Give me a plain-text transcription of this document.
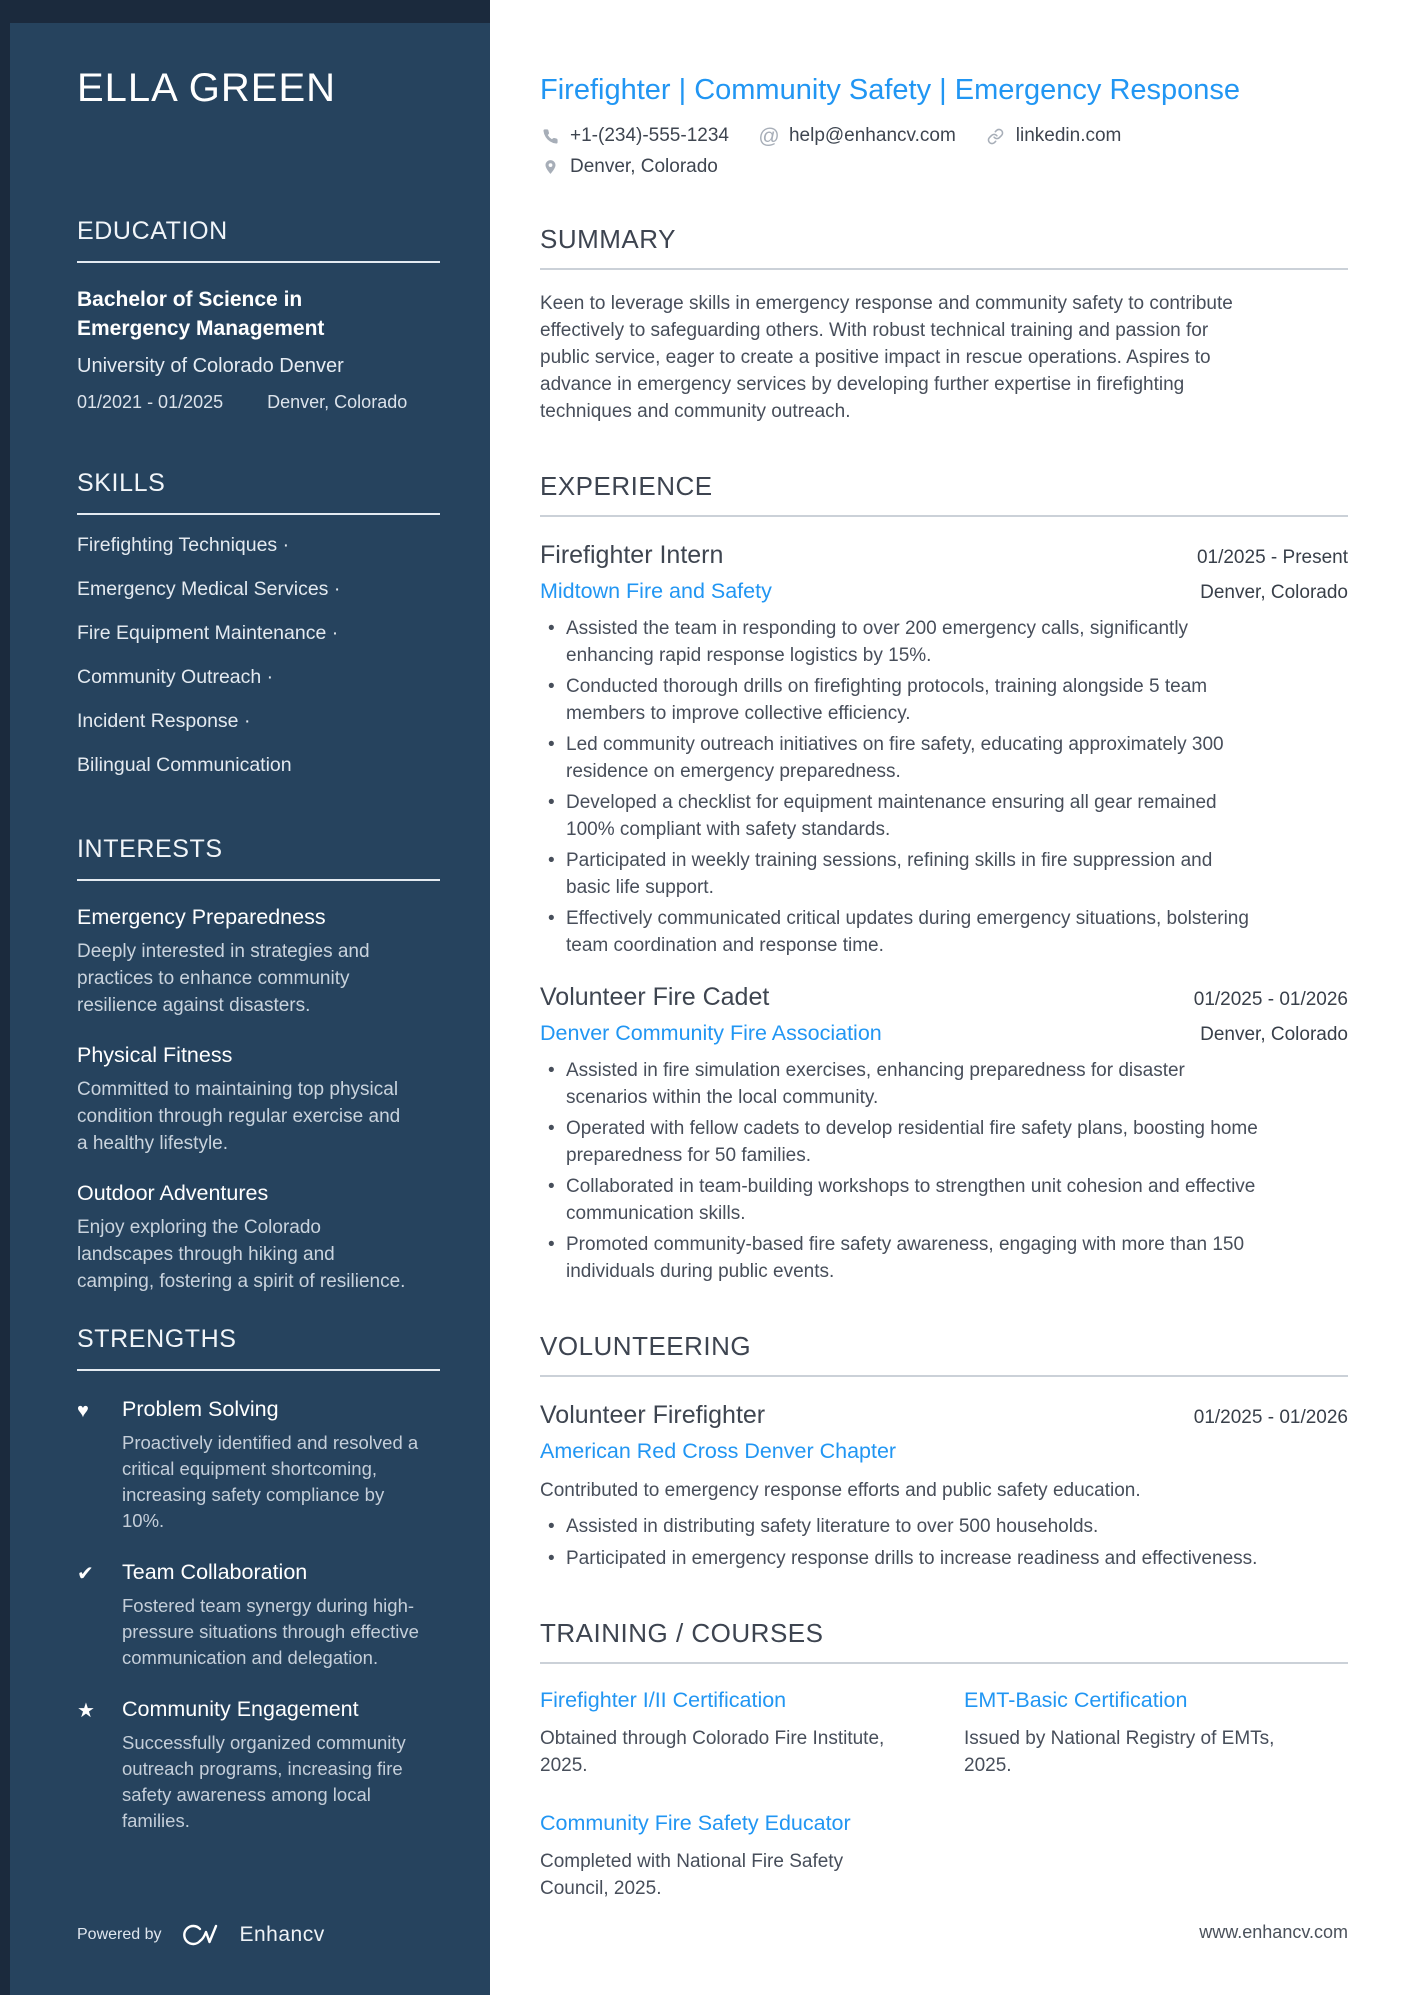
ELLA GREEN
EDUCATION
Bachelor of Science in Emergency Management
University of Colorado Denver
01/2021 - 01/2025 Denver, Colorado
SKILLS
Firefighting Techniques ·
Emergency Medical Services ·
Fire Equipment Maintenance ·
Community Outreach ·
Incident Response ·
Bilingual Communication
INTERESTS
Emergency Preparedness

Deeply interested in strategies and practices to enhance community resilience against disasters.

Physical Fitness

Committed to maintaining top physical condition through regular exercise and a healthy lifestyle.

Outdoor Adventures

Enjoy exploring the Colorado landscapes through hiking and camping, fostering a spirit of resilience.

STRENGTHS
♥	Problem Solving

Proactively identified and resolved a critical equipment shortcoming, increasing safety compliance by 10%.

✔	Team Collaboration

Fostered team synergy during high-pressure situations through effective communication and delegation.

★	Community Engagement

Successfully organized community outreach programs, increasing fire safety awareness among local families.

Powered by	Enhancv
Firefighter | Community Safety | Emergency Response
+1-(234)-555-1234 @ help@enhancv.com	linkedin.com
Denver, Colorado
SUMMARY

Keen to leverage skills in emergency response and community safety to contribute effectively to safeguarding others. With robust technical training and passion for public service, eager to create a positive impact in rescue operations. Aspires to advance in emergency services by developing further expertise in firefighting techniques and community outreach.

EXPERIENCE
Firefighter Intern	01/2025 - Present
Midtown Fire and Safety	Denver, Colorado
• Assisted the team in responding to over 200 emergency calls, significantly enhancing rapid response logistics by 15%.
• Conducted thorough drills on firefighting protocols, training alongside 5 team members to improve collective efficiency.
• Led community outreach initiatives on fire safety, educating approximately 300 residence on emergency preparedness.
• Developed a checklist for equipment maintenance ensuring all gear remained 100% compliant with safety standards.
• Participated in weekly training sessions, refining skills in fire suppression and basic life support.
• Effectively communicated critical updates during emergency situations, bolstering team coordination and response time.
Volunteer Fire Cadet	01/2025 - 01/2026
Denver Community Fire Association	Denver, Colorado
• Assisted in fire simulation exercises, enhancing preparedness for disaster scenarios within the local community.
• Operated with fellow cadets to develop residential fire safety plans, boosting home preparedness for 50 families.
• Collaborated in team-building workshops to strengthen unit cohesion and effective communication skills.
• Promoted community-based fire safety awareness, engaging with more than 150 individuals during public events.
VOLUNTEERING
Volunteer Firefighter	01/2025 - 01/2026
American Red Cross Denver Chapter

Contributed to emergency response efforts and public safety education.

• Assisted in distributing safety literature to over 500 households.
• Participated in emergency response drills to increase readiness and effectiveness.
TRAINING / COURSES
Firefighter I/II Certification

Obtained through Colorado Fire Institute, 2025.

EMT-Basic Certification

Issued by National Registry of EMTs, 2025.

Community Fire Safety Educator

Completed with National Fire Safety Council, 2025.

www.enhancv.com
